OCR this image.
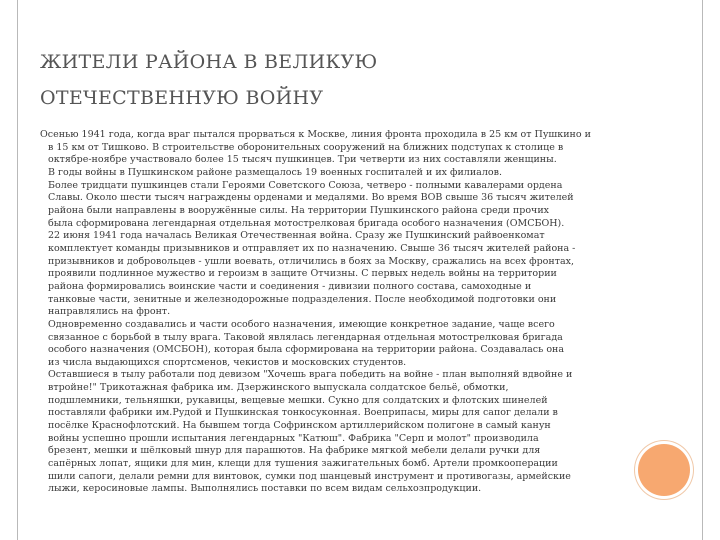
ЖИТЕЛИ РАЙОНА В ВЕЛИКУЮ
ОТЕЧЕСТВЕННУЮ ВОЙНУ
Осенью 1941 года, когда враг пытался прорваться к Москве, линия фронта проходила в 25 км от Пушкино и
в 15 км от Тишково. В строительстве оборонительных сооружений на ближних подступах к столице в
октябре-ноябре участвовало более 15 тысяч пушкинцев. Три четверти из них составляли женщины.
В годы войны в Пушкинском районе размещалось 19 военных госпиталей и их филиалов.
Более тридцати пушкинцев стали Героями Советского Союза, четверо - полными кавалерами ордена
Славы. Около шести тысяч награждены орденами и медалями. Во время ВОВ свыше 36 тысяч жителей
района были направлены в вооружённые силы. На территории Пушкинского района среди прочих
была сформирована легендарная отдельная мотострелковая бригада особого назначения (ОМСБОН).
22 июня 1941 года началась Великая Отечественная война. Сразу же Пушкинский райвоенкомат
комплектует команды призывников и отправляет их по назначению. Свыше 36 тысяч жителей района -
призывников и добровольцев - ушли воевать, отличились в боях за Москву, сражались на всех фронтах,
проявили подлинное мужество и героизм в защите Отчизны. С первых недель войны на территории
района формировались воинские части и соединения - дивизии полного состава, самоходные и
танковые части, зенитные и железнодорожные подразделения. После необходимой подготовки они
направлялись на фронт.
Одновременно создавались и части особого назначения, имеющие конкретное задание, чаще всего
связанное с борьбой в тылу врага. Таковой являлась легендарная отдельная мотострелковая бригада
особого назначения (ОМСБОН), которая была сформирована на территории района. Создавалась она
из числа выдающихся спортсменов, чекистов и московских студентов.
Оставшиеся в тылу работали под девизом "Хочешь врага победить на войне - план выполняй вдвойне и
втройне!" Трикотажная фабрика им. Дзержинского выпускала солдатское бельё, обмотки,
подшлемники, тельняшки, рукавицы, вещевые мешки. Сукно для солдатских и флотских шинелей
поставляли фабрики им.Рудой и Пушкинская тонкосуконная. Boеприпасы, миры для сапог делали в
посёлке Краснофлотский. На бывшем тогда Софринском артиллерийском полигоне в самый канун
войны успешно прошли испытания легендарных "Катюш". Фабрика "Серп и молот" производила
брезент, мешки и шёлковый шнур для парашютов. На фабрике мягкой мебели делали ручки для
сапёрных лопат, ящики для мин, клещи для тушения зажигательных бомб. Артели промкооперации
шили сапоги, делали ремни для винтовок, сумки под шанцевый инструмент и противогазы, армейские
лыжи, керосиновые лампы. Выполнялись поставки по всем видам сельхозпродукции.
